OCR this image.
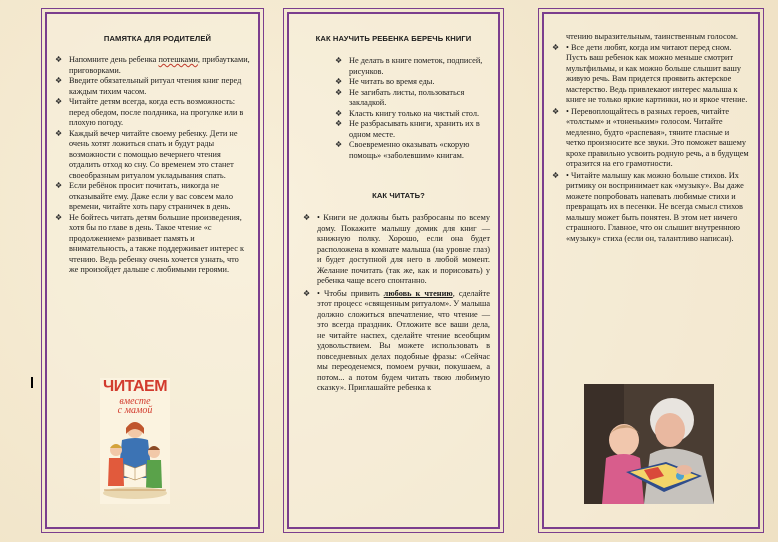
ПАМЯТКА ДЛЯ РОДИТЕЛЕЙ
❖ Напомните день ребенка потешками, прибаутками, приговорками.
❖ Введите обязательный ритуал чтения книг перед каждым тихим часом.
❖ Читайте детям всегда, когда есть возможность: перед обедом, после полдника, на прогулке или в плохую погоду.
❖ Каждый вечер читайте своему ребенку. Дети не очень хотят ложиться спать и будут рады возможности с помощью вечернего чтения отдалить отход ко сну. Со временем это станет своеобразным ритуалом укладывания спать.
❖ Если ребёнок просит почитать, никогда не отказывайте ему. Даже если у вас совсем мало времени, читайте хоть пару страничек в день.
❖ Не бойтесь читать детям большие произведения, хотя бы по главе в день. Такое чтение «с продолжением» развивает память и внимательность, а также поддерживает интерес к чтению. Ведь ребенку очень хочется узнать, что же произойдет дальше с любимыми героями.
ЧИТАЕМ
вместе
с мамой
КАК НАУЧИТЬ РЕБЕНКА БЕРЕЧЬ КНИГИ
❖ Не делать в книге пометок, подписей, рисунков.
❖ Не читать во время еды.
❖ Не загибать листы, пользоваться закладкой.
❖ Класть книгу только на чистый стол.
❖ Не разбрасывать книги, хранить их в одном месте.
❖ Своевременно оказывать «скорую помощь» «заболевшим» книгам.
КАК ЧИТАТЬ?
❖ • Книги не должны быть разбросаны по всему дому. Покажите малышу домик для книг — книжную полку. Хорошо, если она будет расположена в комнате малыша (на уровне глаз) и будет доступной для него в любой момент. Желание почитать (так же, как и порисовать) у ребенка чаще всего спонтанно.
❖ • Чтобы привить любовь к чтению, сделайте этот процесс «священным ритуалом». У малыша должно сложиться впечатление, что чтение — это всегда праздник. Отложите все ваши дела, не читайте наспех, сделайте чтение всеобщим удовольствием. Вы можете использовать в повседневных делах подобные фразы: «Сейчас мы переоденемся, помоем ручки, покушаем, а потом... а потом будем читать твою любимую сказку». Приглашайте ребенка к
чтению выразительным, таинственным голосом.
❖ • Все дети любят, когда им читают перед сном. Пусть ваш ребенок как можно меньше смотрит мультфильмы, и как можно больше слышит вашу живую речь. Вам придется проявить актерское мастерство. Ведь привлекают интерес малыша к книге не только яркие картинки, но и яркое чтение.
❖ • Перевоплощайтесь в разных героев, читайте «толстым» и «тоненьким» голосом. Читайте медленно, будто «распевая», тяните гласные и четко произносите все звуки. Это поможет вашему крохе правильно усвоить родную речь, а в будущем отразится на его грамотности.
❖ • Читайте малышу как можно больше стихов. Их ритмику он воспринимает как «музыку». Вы даже можете попробовать напевать любимые стихи и превращать их в песенки. Не всегда смысл стихов малышу может быть понятен. В этом нет ничего страшного. Главное, что он слышит внутреннюю «музыку» стиха (если он, талантливо написан).
